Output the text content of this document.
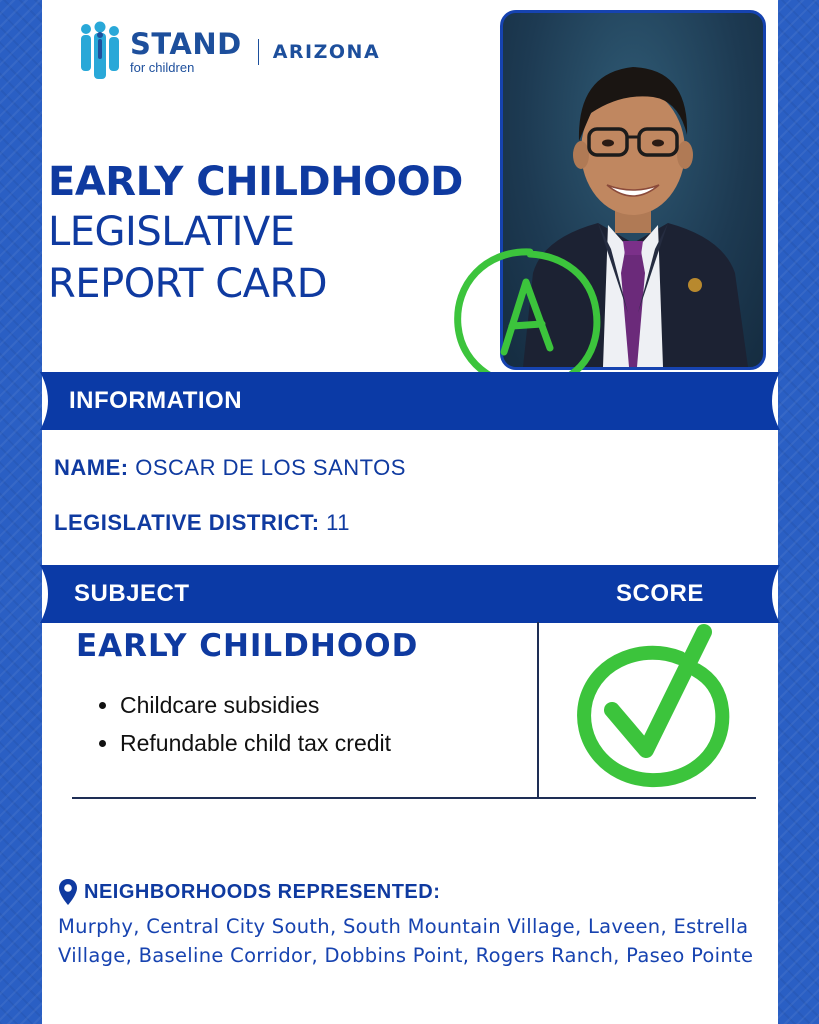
STAND
for children
ARIZONA
EARLY CHILDHOOD
LEGISLATIVE
REPORT CARD
INFORMATION
NAME: OSCAR DE LOS SANTOS
LEGISLATIVE DISTRICT: 11
SUBJECT	SCORE
EARLY CHILDHOOD
• Childcare subsidies
• Refundable child tax credit
NEIGHBORHOODS REPRESENTED:
Murphy, Central City South, South Mountain Village, Laveen, Estrella Village, Baseline Corridor, Dobbins Point, Rogers Ranch, Paseo Pointe
